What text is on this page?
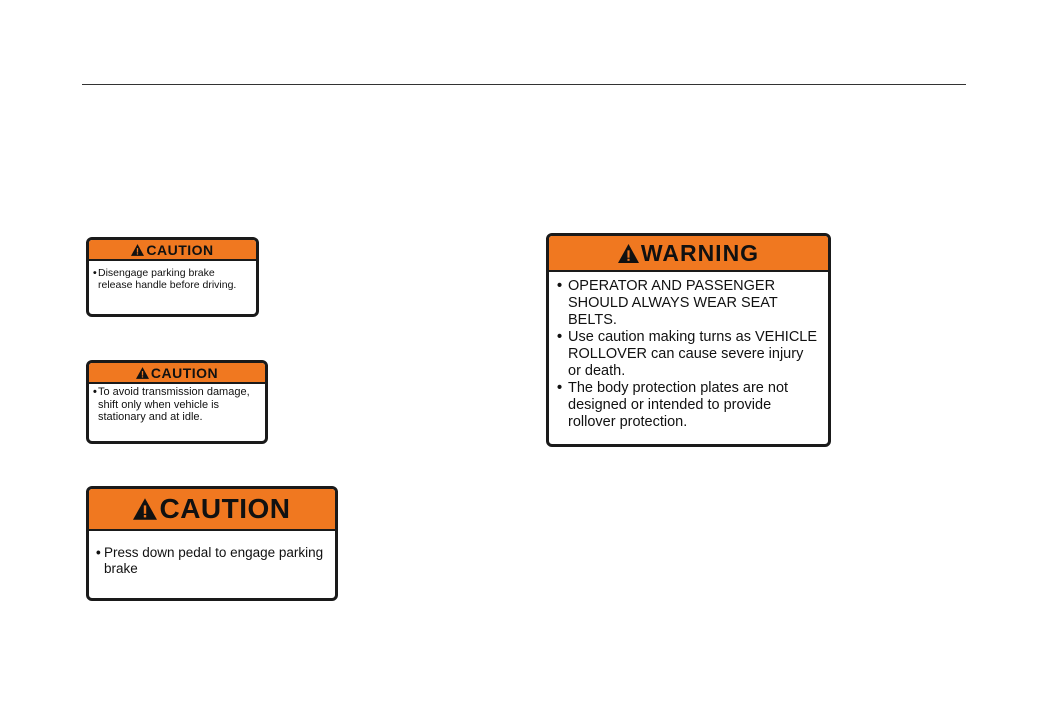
CAUTION
• Disengage parking brake release handle before driving.
CAUTION
• To avoid transmission damage, shift only when vehicle is stationary and at idle.
CAUTION
• Press down pedal to engage parking brake
WARNING
• OPERATOR AND PASSENGER SHOULD ALWAYS WEAR SEAT BELTS.
• Use caution making turns as VEHICLE ROLLOVER can cause severe injury or death.
• The body protection plates are not designed or intended to provide rollover protection.
